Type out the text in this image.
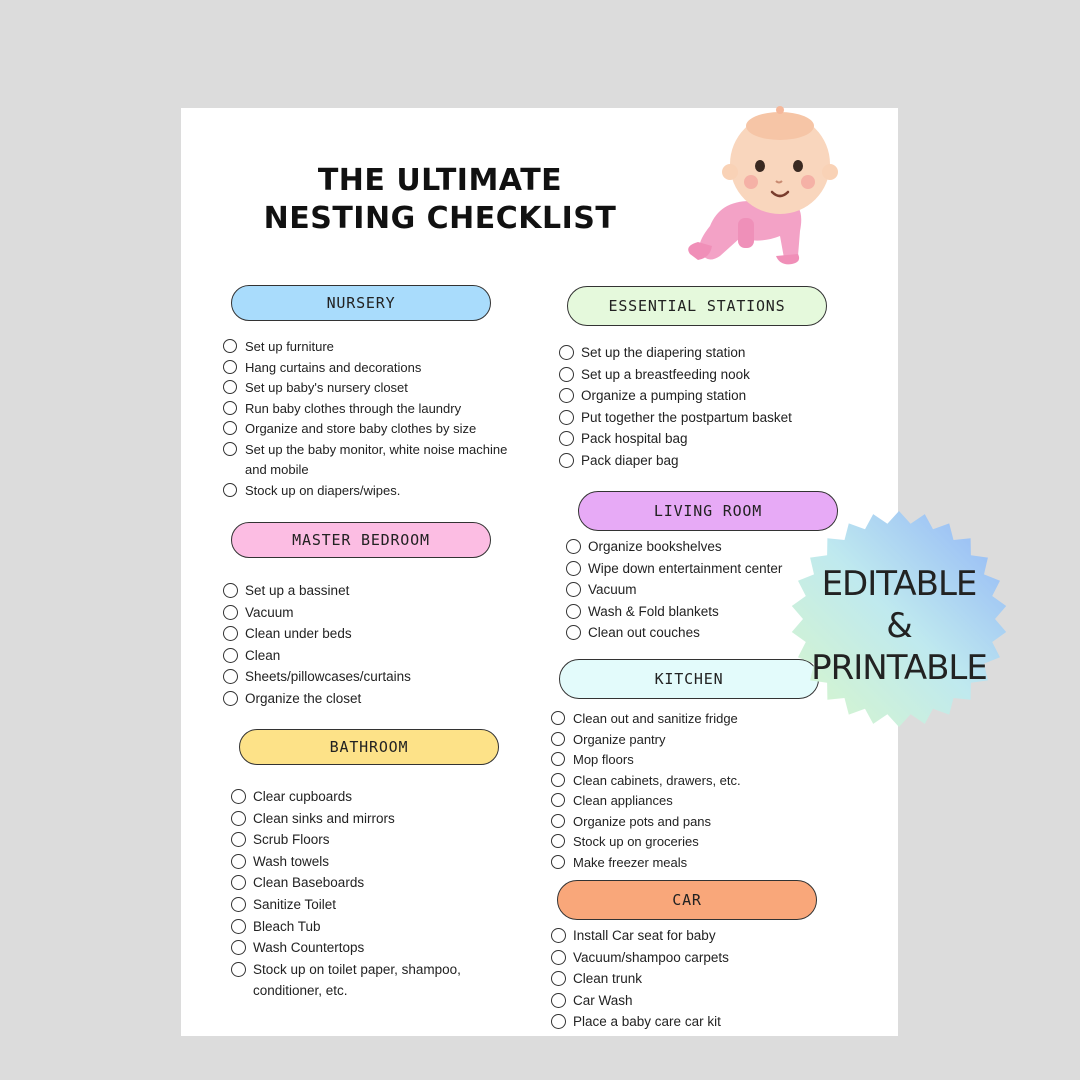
THE ULTIMATE
NESTING CHECKLIST
NURSERY
Set up furniture
Hang curtains and decorations
Set up baby's nursery closet
Run baby clothes through the laundry
Organize and store baby clothes by size
Set up the baby monitor, white noise machine and mobile
Stock up on diapers/wipes.
MASTER BEDROOM
Set up a bassinet
Vacuum
Clean under beds
Clean
Sheets/pillowcases/curtains
Organize the closet
BATHROOM
Clear cupboards
Clean sinks and mirrors
Scrub Floors
Wash towels
Clean Baseboards
Sanitize Toilet
Bleach Tub
Wash Countertops
Stock up on toilet paper, shampoo, conditioner, etc.
ESSENTIAL STATIONS
Set up the diapering station
Set up a breastfeeding nook
Organize a pumping station
Put together the postpartum basket
Pack hospital bag
Pack diaper bag
LIVING ROOM
Organize bookshelves
Wipe down entertainment center
Vacuum
Wash & Fold blankets
Clean out couches
KITCHEN
Clean out and sanitize fridge
Organize pantry
Mop floors
Clean cabinets, drawers, etc.
Clean appliances
Organize pots and pans
Stock up on groceries
Make freezer meals
CAR
Install Car seat for baby
Vacuum/shampoo carpets
Clean trunk
Car Wash
Place a baby care car kit
EDITABLE
&
PRINTABLE
